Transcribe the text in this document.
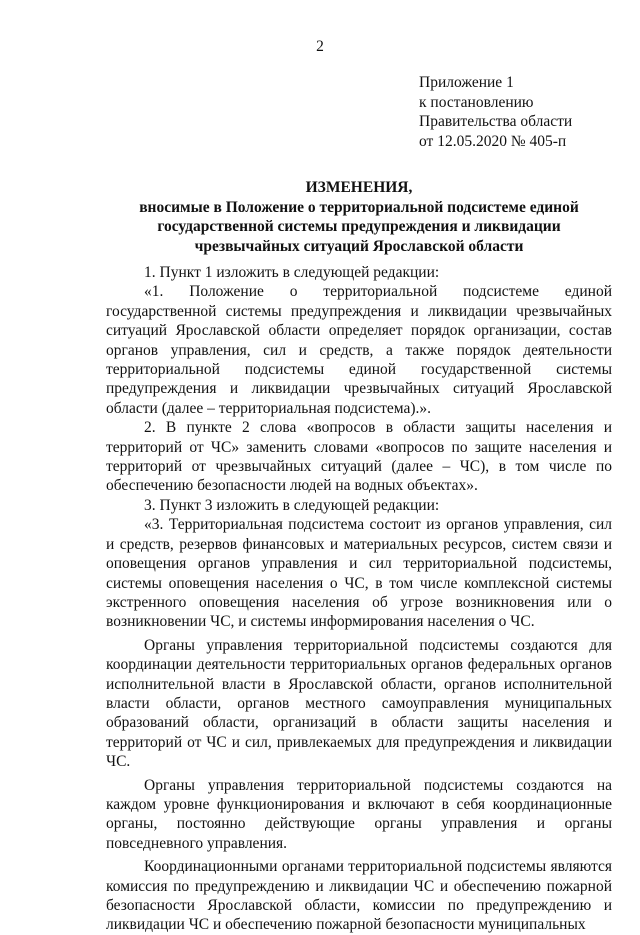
2
Приложение 1
к постановлению
Правительства области
от 12.05.2020 № 405-п
ИЗМЕНЕНИЯ,
вносимые в Положение о территориальной подсистеме единой государственной системы предупреждения и ликвидации чрезвычайных ситуаций Ярославской области

1. Пункт 1 изложить в следующей редакции:

«1. Положение о территориальной подсистеме единой государственной системы предупреждения и ликвидации чрезвычайных ситуаций Ярославской области определяет порядок организации, состав органов управления, сил и средств, а также порядок деятельности территориальной подсистемы единой государственной системы предупреждения и ликвидации чрезвычайных ситуаций Ярославской области (далее – территориальная подсистема).».

2. В пункте 2 слова «вопросов в области защиты населения и территорий от ЧС» заменить словами «вопросов по защите населения и территорий от чрезвычайных ситуаций (далее – ЧС), в том числе по обеспечению безопасности людей на водных объектах».

3. Пункт 3 изложить в следующей редакции:

«3. Территориальная подсистема состоит из органов управления, сил и средств, резервов финансовых и материальных ресурсов, систем связи и оповещения органов управления и сил территориальной подсистемы, системы оповещения населения о ЧС, в том числе комплексной системы экстренного оповещения населения об угрозе возникновения или о возникновении ЧС, и системы информирования населения о ЧС.

Органы управления территориальной подсистемы создаются для координации деятельности территориальных органов федеральных органов исполнительной власти в Ярославской области, органов исполнительной власти области, органов местного самоуправления муниципальных образований области, организаций в области защиты населения и территорий от ЧС и сил, привлекаемых для предупреждения и ликвидации ЧС.

Органы управления территориальной подсистемы создаются на каждом уровне функционирования и включают в себя координационные органы, постоянно действующие органы управления и органы повседневного управления.

Координационными органами территориальной подсистемы являются комиссия по предупреждению и ликвидации ЧС и обеспечению пожарной безопасности Ярославской области, комиссии по предупреждению и ликвидации ЧС и обеспечению пожарной безопасности муниципальных
